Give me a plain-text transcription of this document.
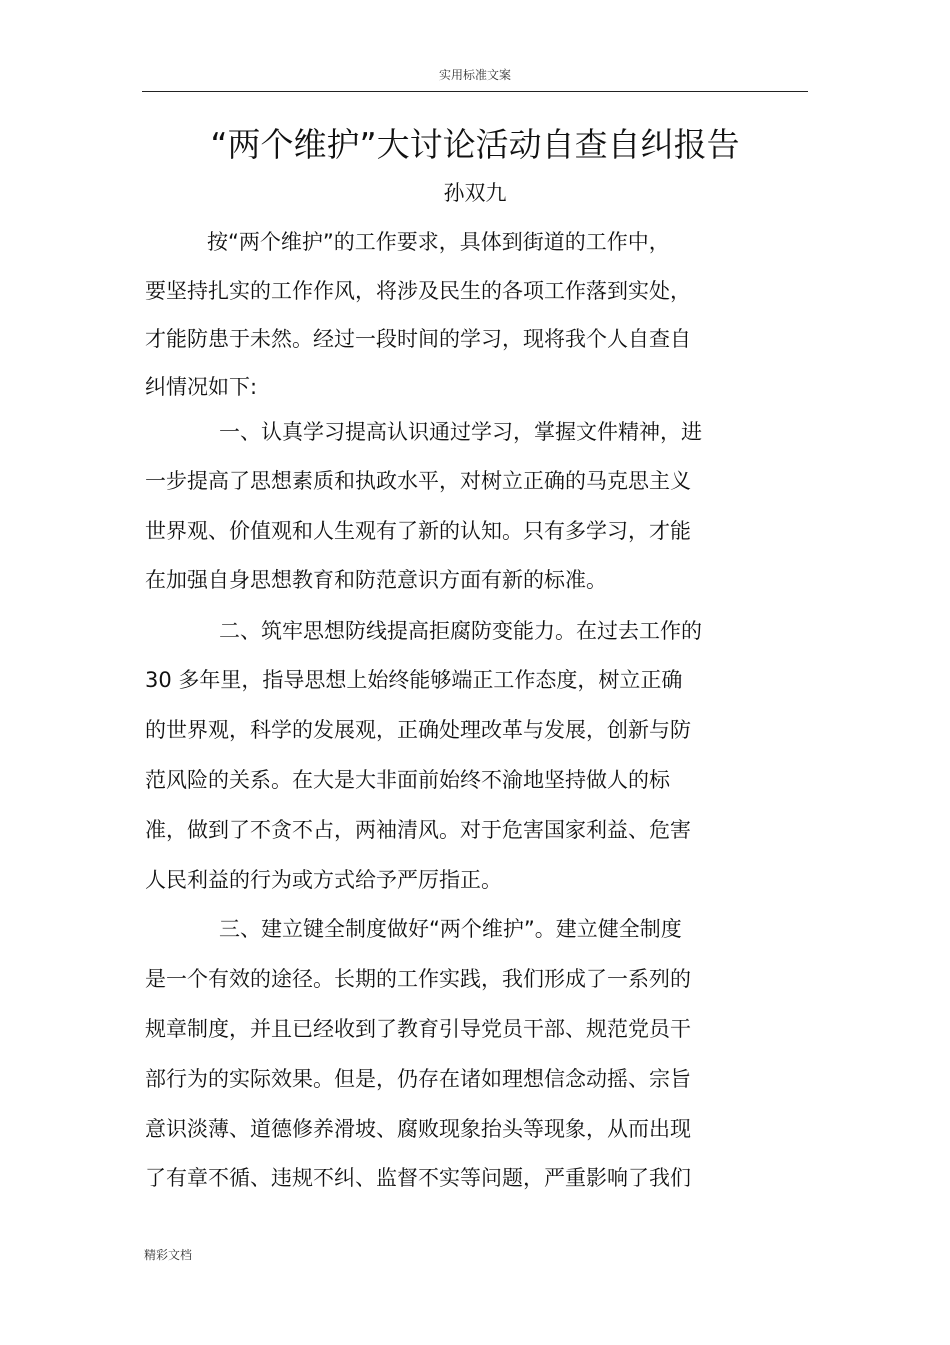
实用标准文案
“两个维护”大讨论活动自查自纠报告
孙双九
按“两个维护”的工作要求，具体到街道的工作中，
要坚持扎实的工作作风，将涉及民生的各项工作落到实处，
才能防患于未然。经过一段时间的学习，现将我个人自查自
纠情况如下:
一、认真学习提高认识通过学习，掌握文件精神，进
一步提高了思想素质和执政水平，对树立正确的马克思主义
世界观、价值观和人生观有了新的认知。只有多学习，才能
在加强自身思想教育和防范意识方面有新的标准。
二、筑牢思想防线提高拒腐防变能力。在过去工作的
30 多年里，指导思想上始终能够端正工作态度，树立正确
的世界观，科学的发展观，正确处理改革与发展，创新与防
范风险的关系。在大是大非面前始终不渝地坚持做人的标
准，做到了不贪不占，两袖清风。对于危害国家利益、危害
人民利益的行为或方式给予严厉指正。
三、建立键全制度做好“两个维护”。建立健全制度
是一个有效的途径。长期的工作实践，我们形成了一系列的
规章制度，并且已经收到了教育引导党员干部、规范党员干
部行为的实际效果。但是，仍存在诸如理想信念动摇、宗旨
意识淡薄、道德修养滑坡、腐败现象抬头等现象，从而出现
了有章不循、违规不纠、监督不实等问题，严重影响了我们
精彩文档
